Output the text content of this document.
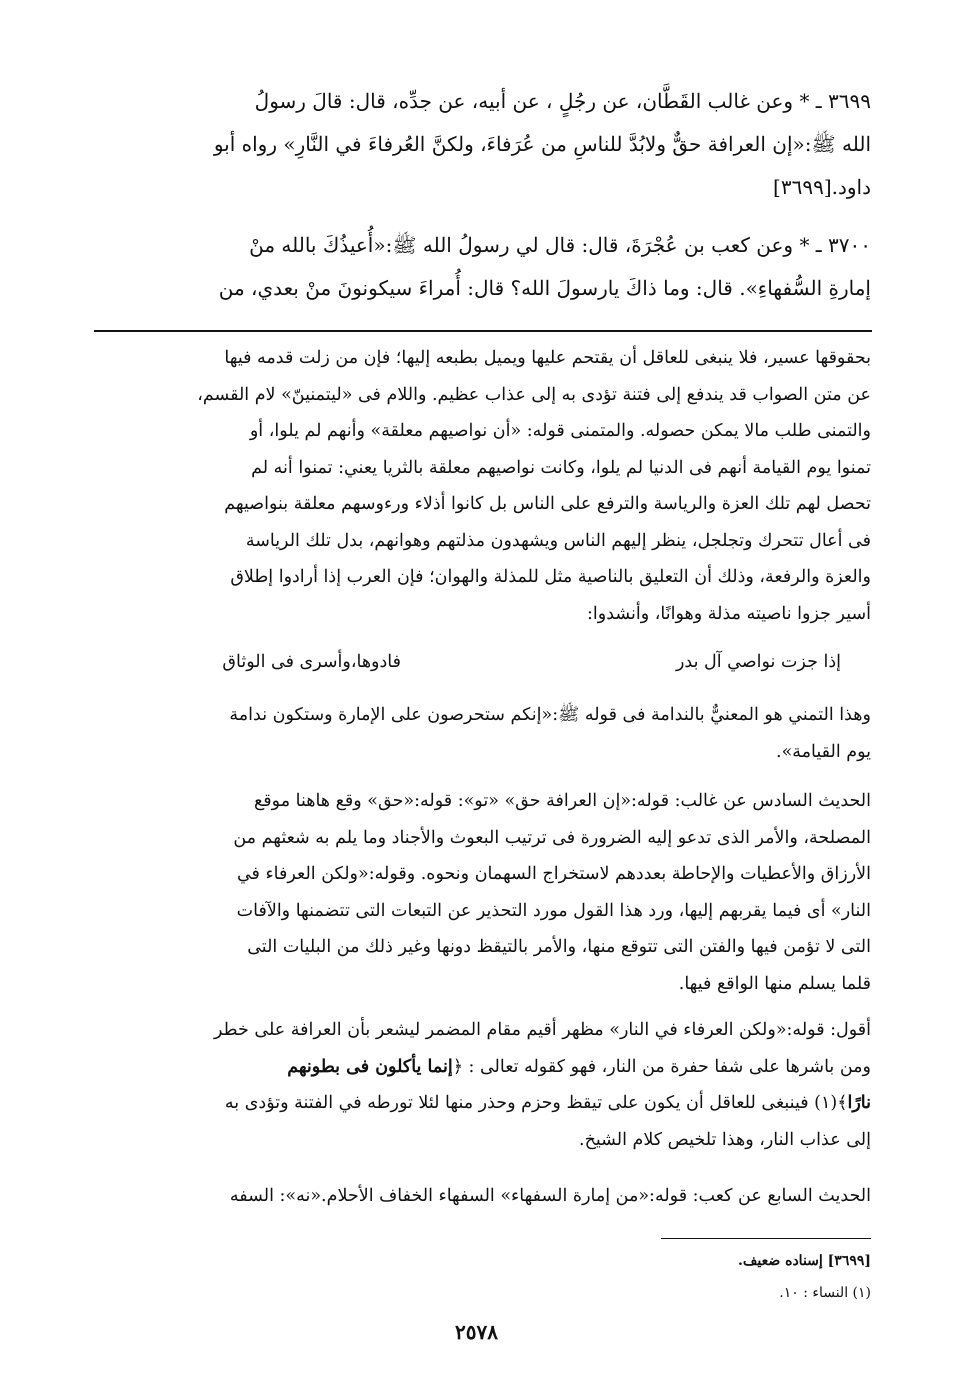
٣٦٩٩ ـ * وعن غالب القَطَّان، عن رجُلٍ ، عن أبيه، عن جدِّه، قال: قالَ رسولُ
الله ﷺ:«إن العرافة حقٌّ ولابُدَّ للناسِ من عُرَفاءَ، ولكنَّ العُرفاءَ في النَّارِ» رواه أبو
داود.[٣٦٩٩]

٣٧٠٠ ـ * وعن كعب بن عُجْرَةَ، قال: قال لي رسولُ الله ﷺ:«أُعيذُكَ بالله منْ
إمارةِ السُّفهاءِ». قال: وما ذاكَ يارسولَ الله؟ قال: أُمراءَ سيكونونَ منْ بعدي، من

بحقوقها عسير، فلا ينبغى للعاقل أن يقتحم عليها ويميل بطبعه إليها؛ فإن من زلت قدمه فيها
عن متن الصواب قد يندفع إلى فتنة تؤدى به إلى عذاب عظيم. واللام فى «ليتمنينّ» لام القسم،
والتمنى طلب مالا يمكن حصوله. والمتمنى قوله: «أن نواصيهم معلقة» وأنهم لم يلوا، أو
تمنوا يوم القيامة أنهم فى الدنيا لم يلوا، وكانت نواصيهم معلقة بالثريا يعني: تمنوا أنه لم
تحصل لهم تلك العزة والرياسة والترفع على الناس بل كانوا أذلاء ورءوسهم معلقة بنواصيهم
فى أعال تتحرك وتجلجل، ينظر إليهم الناس ويشهدون مذلتهم وهوانهم، بدل تلك الرياسة
والعزة والرفعة، وذلك أن التعليق بالناصية مثل للمذلة والهوان؛ فإن العرب إذا أرادوا إطلاق
أسير جزوا ناصيته مذلة وهوانًا، وأنشدوا:

إذا جزت نواصي آل بدر
فادوها،وأسرى فى الوثاق

وهذا التمني هو المعنيٌّ بالندامة فى قوله ﷺ:«إنكم ستحرصون على الإمارة وستكون ندامة
يوم القيامة».

الحديث السادس عن غالب: قوله:«إن العرافة حق» «تو»: قوله:«حق» وقع هاهنا موقع
المصلحة، والأمر الذى تدعو إليه الضرورة فى ترتيب البعوث والأجناد وما يلم به شعثهم من
الأرزاق والأعطيات والإحاطة بعددهم لاستخراج السهمان ونحوه. وقوله:«ولكن العرفاء في
النار» أى فيما يقربهم إليها، ورد هذا القول مورد التحذير عن التبعات التى تتضمنها والآفات
التى لا تؤمن فيها والفتن التى تتوقع منها، والأمر بالتيقظ دونها وغير ذلك من البليات التى
قلما يسلم منها الواقع فيها.

أقول: قوله:«ولكن العرفاء في النار» مظهر أقيم مقام المضمر ليشعر بأن العرافة على خطر
ومن باشرها على شفا حفرة من النار، فهو كقوله تعالى : ﴿إنما يأكلون فى بطونهم
نارًا﴾(١) فينبغى للعاقل أن يكون على تيقظ وحزم وحذر منها لئلا تورطه في الفتنة وتؤدى به
إلى عذاب النار، وهذا تلخيص كلام الشيخ.

الحديث السابع عن كعب: قوله:«من إمارة السفهاء» السفهاء الخفاف الأحلام.«نه»: السفه

[٣٦٩٩] إسناده ضعيف.
(١) النساء : ١٠.
٢٥٧٨
